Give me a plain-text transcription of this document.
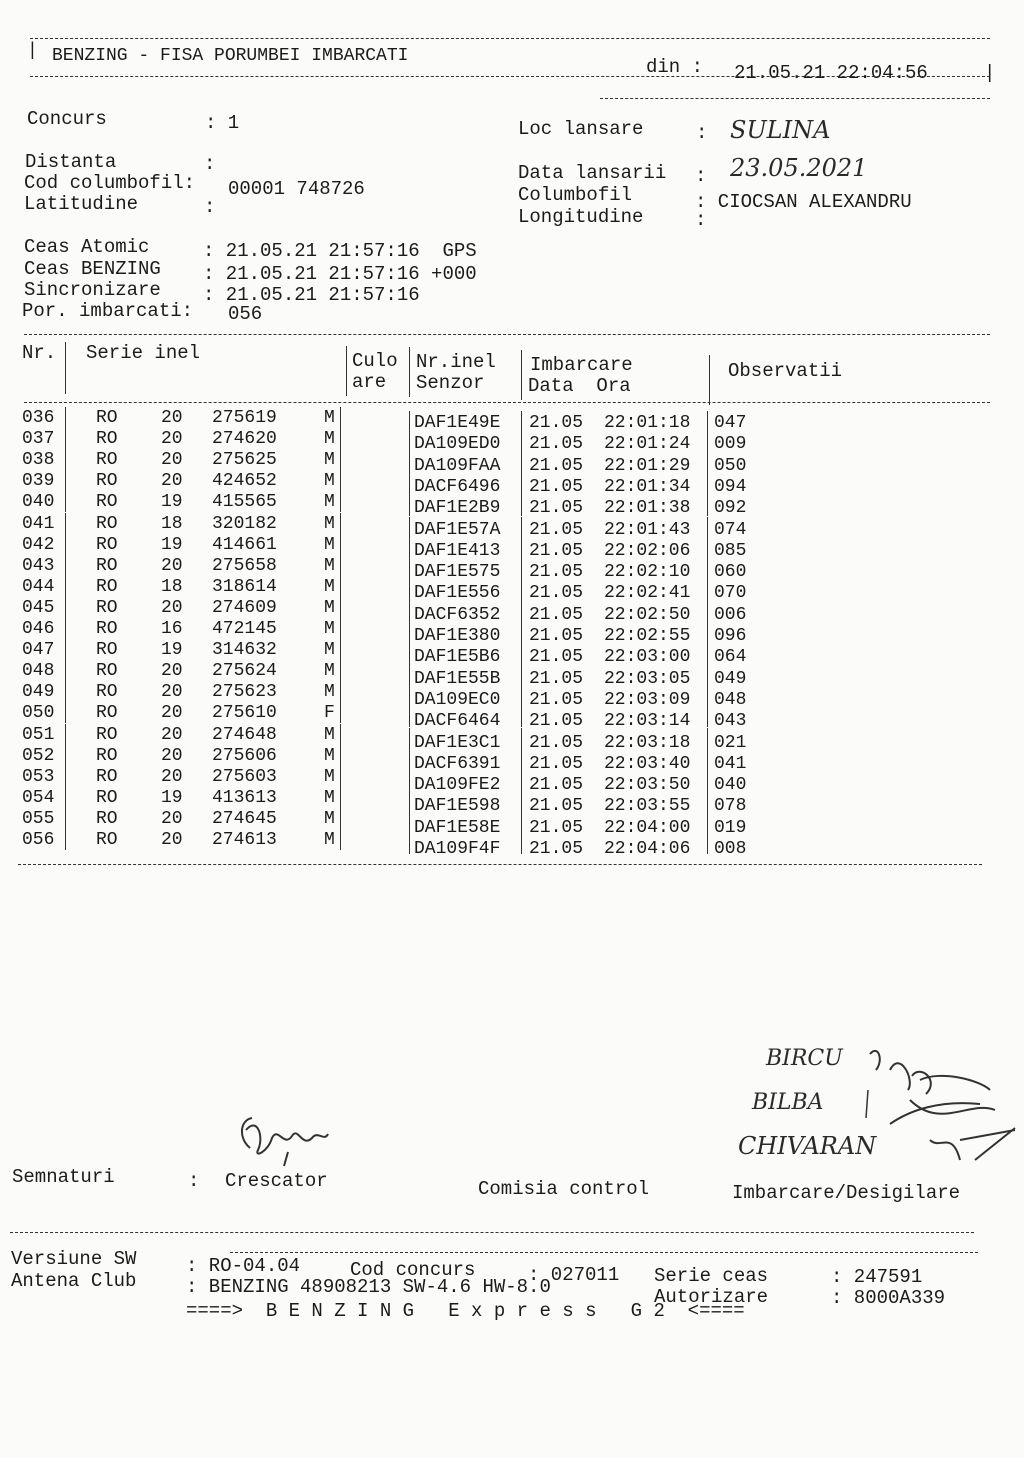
| BENZING - FISA PORUMBEI IMBARCATI	din : 21.05.21 22:04:56	|
Concurs	: 1	Loc lansare	: SULINA
Distanta	:
Cod columbofil: 00001 748726
Latitudine	:
Data lansarii : 23.05.2021
Columbofil	: CIOCSAN ALEXANDRU
Longitudine	:
Ceas Atomic	: 21.05.21 21:57:16  GPS
Ceas BENZING : 21.05.21 21:57:16 +000
Sincronizare : 21.05.21 21:57:16
Por. imbarcati: 056
Nr. Serie inel	Culo
are
Nr.inel
Senzor
Imbarcare
Data  Ora
Observatii
036 RO 20 275619	M	DAF1E49E 21.05 22:01:18 047
037 RO 20 274620	M	DA109ED0 21.05 22:01:24 009
038 RO 20 275625	M	DA109FAA 21.05 22:01:29 050
039 RO 20 424652	M	DACF6496 21.05 22:01:34 094
040 RO 19 415565	M	DAF1E2B9 21.05 22:01:38 092
041 RO 18 320182	M	DAF1E57A 21.05 22:01:43 074
042 RO 19 414661	M	DAF1E413 21.05 22:02:06 085
043 RO 20 275658	M	DAF1E575 21.05 22:02:10 060
044 RO 18 318614	M	DAF1E556 21.05 22:02:41 070
045 RO 20 274609	M	DACF6352 21.05 22:02:50 006
046 RO 16 472145	M	DAF1E380 21.05 22:02:55 096
047 RO 19 314632	M	DAF1E5B6 21.05 22:03:00 064
048 RO 20 275624	M	DAF1E55B 21.05 22:03:05 049
049 RO 20 275623	M	DA109EC0 21.05 22:03:09 048
050 RO 20 275610	F	DACF6464 21.05 22:03:14 043
051 RO 20 274648	M	DAF1E3C1 21.05 22:03:18 021
052 RO 20 275606	M	DACF6391 21.05 22:03:40 041
053 RO 20 275603	M	DA109FE2 21.05 22:03:50 040
054 RO 19 413613	M	DAF1E598 21.05 22:03:55 078
055 RO 20 274645	M	DAF1E58E 21.05 22:04:00 019
056 RO 20 274613	M	DA109F4F 21.05 22:04:06 008
BIRCU
BILBA
CHIVARAN
Semnaturi	: Crescator	Comisia control	Imbarcare/Desigilare
Versiune SW	: RO-04.04	Cod concurs	: 027011 Serie ceas	: 247591
Antena Club	: BENZING 48908213 SW-4.6 HW-8.0	Autorizare	: 8000A339
====>  B E N Z I N G   E x p r e s s   G 2  <====
